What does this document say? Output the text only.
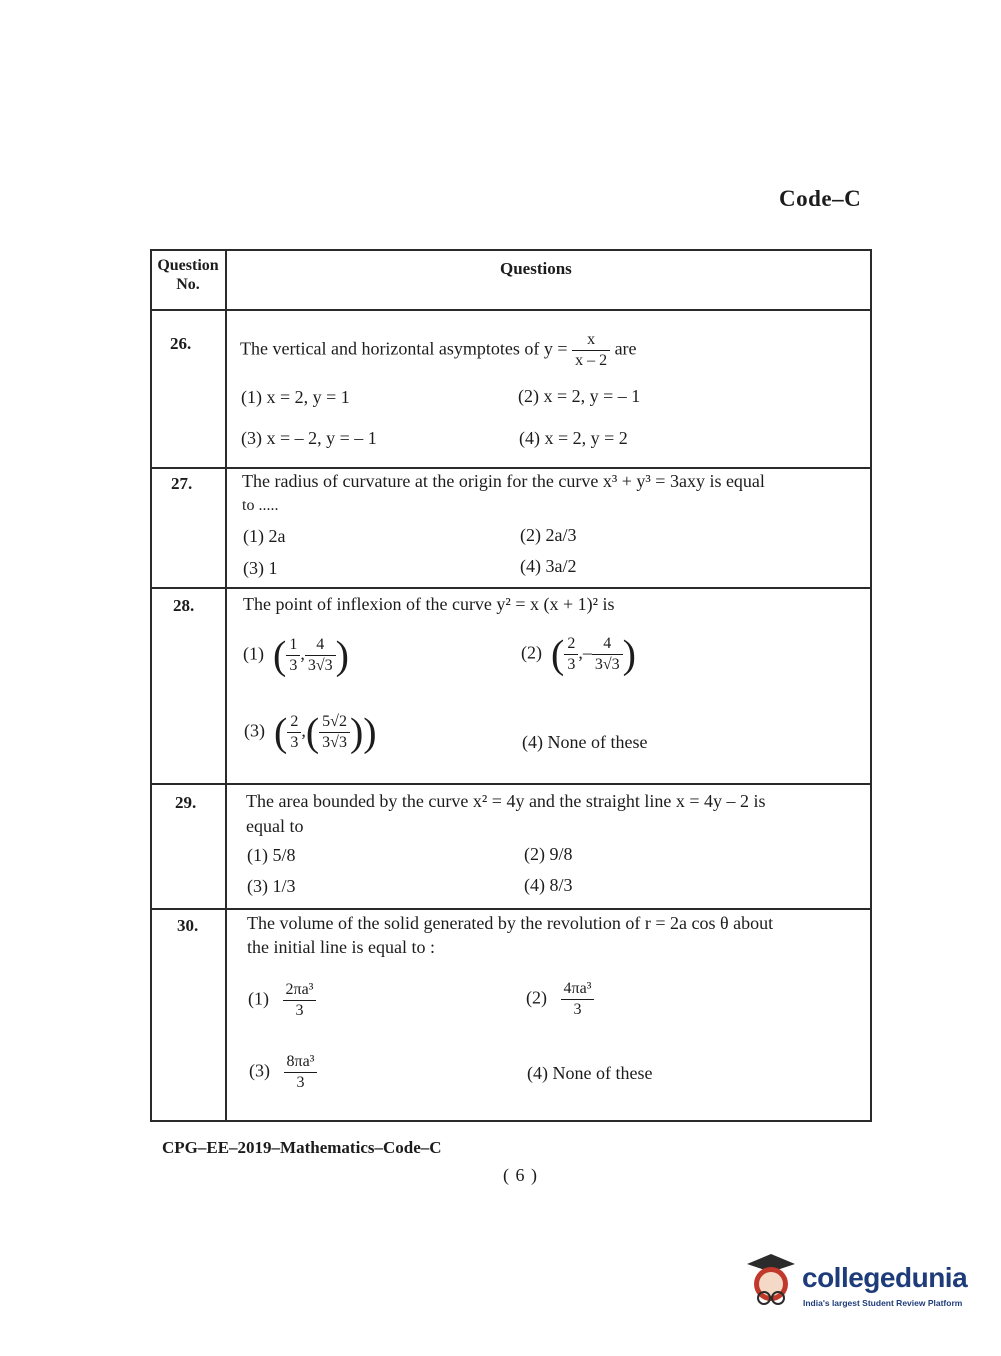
Code–C
Question No.
Questions
26.	The vertical and horizontal asymptotes of $y = \frac{x}{x - 2}$ are
(1) x = 2, y = 1	(2) x = 2, y = – 1
(3) x = – 2, y = – 1	(4) x = 2, y = 2
27.	The radius of curvature at the origin for the curve x³ + y³ = 3axy is equal
to .....
(1) 2a	(2) 2a/3
(3) 1	(4) 3a/2
28.	The point of inflexion of the curve y² = x (x + 1)² is
(1) ( $\frac{1}{3}$ , $\frac{4}{3√3}$ )	(2) ( $\frac{2}{3}$ ,– $\frac{4}{3√3}$ )
(3) ( $\frac{2}{3}$ ,( $\frac{5√2}{3√3}$ ))	(4) None of these
29.	The area bounded by the curve x² = 4y and the straight line x = 4y – 2 is
equal to
(1) 5/8	(2) 9/8
(3) 1/3	(4) 8/3
30.	The volume of the solid generated by the revolution of r = 2a cos θ about
the initial line is equal to :
$(1) \frac{\text{2πa³}}{3}$	$(2) \frac{\text{4πa³}}{3}$
$(3) \frac{\text{8πa³}}{3}$	(4) None of these
CPG–EE–2019–Mathematics–Code–C
( 6 )
collegedunia
India's largest Student Review Platform
